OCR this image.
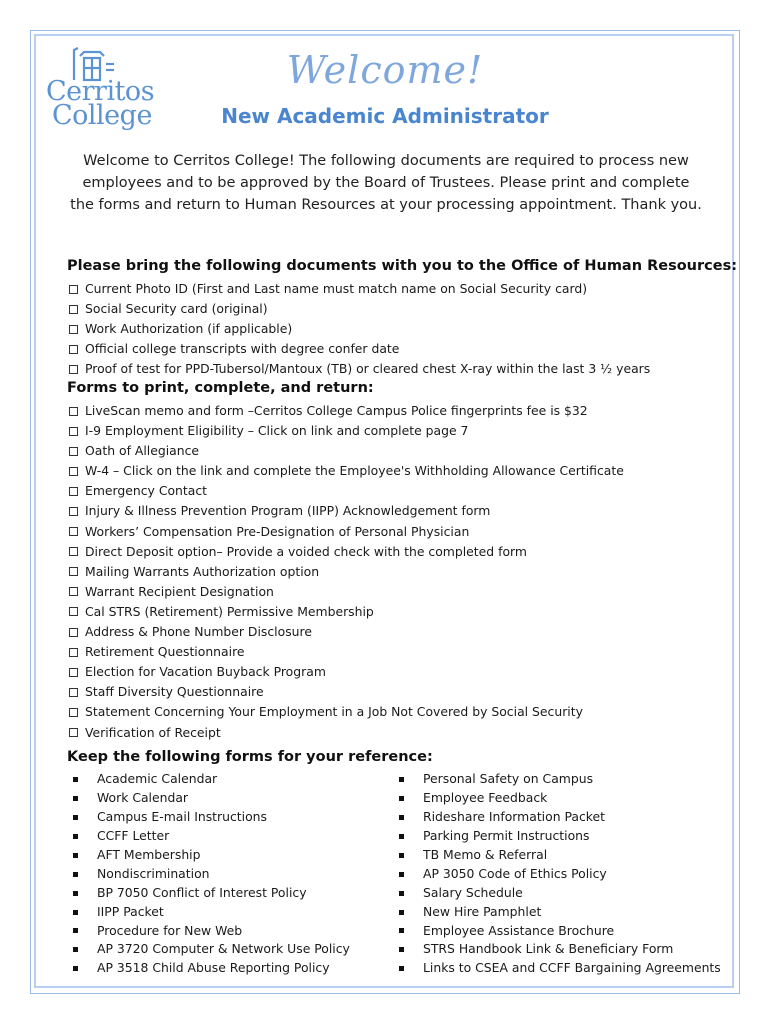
Cerritos
College
Welcome!
New Academic Administrator
Welcome to Cerritos College! The following documents are required to process new employees and to be approved by the Board of Trustees. Please print and complete the forms and return to Human Resources at your processing appointment. Thank you.
Please bring the following documents with you to the Office of Human Resources:
Current Photo ID (First and Last name must match name on Social Security card)
Social Security card (original)
Work Authorization (if applicable)
Official college transcripts with degree confer date
Proof of test for PPD-Tubersol/Mantoux (TB) or cleared chest X-ray within the last 3 ½ years
Forms to print, complete, and return:
LiveScan memo and form –Cerritos College Campus Police fingerprints fee is $32
I-9 Employment Eligibility – Click on link and complete page 7
Oath of Allegiance
W-4 – Click on the link and complete the Employee's Withholding Allowance Certificate
Emergency Contact
Injury & Illness Prevention Program (IIPP) Acknowledgement form
Workers’ Compensation Pre-Designation of Personal Physician
Direct Deposit option– Provide a voided check with the completed form
Mailing Warrants Authorization option
Warrant Recipient Designation
Cal STRS (Retirement) Permissive Membership
Address & Phone Number Disclosure
Retirement Questionnaire
Election for Vacation Buyback Program
Staff Diversity Questionnaire
Statement Concerning Your Employment in a Job Not Covered by Social Security
Verification of Receipt
Keep the following forms for your reference:
Academic Calendar
Work Calendar
Campus E-mail Instructions
CCFF Letter
AFT Membership
Nondiscrimination
BP 7050 Conflict of Interest Policy
IIPP Packet
Procedure for New Web
AP 3720 Computer & Network Use Policy
AP 3518 Child Abuse Reporting Policy
Personal Safety on Campus
Employee Feedback
Rideshare Information Packet
Parking Permit Instructions
TB Memo & Referral
AP 3050 Code of Ethics Policy
Salary Schedule
New Hire Pamphlet
Employee Assistance Brochure
STRS Handbook Link & Beneficiary Form
Links to CSEA and CCFF Bargaining Agreements
